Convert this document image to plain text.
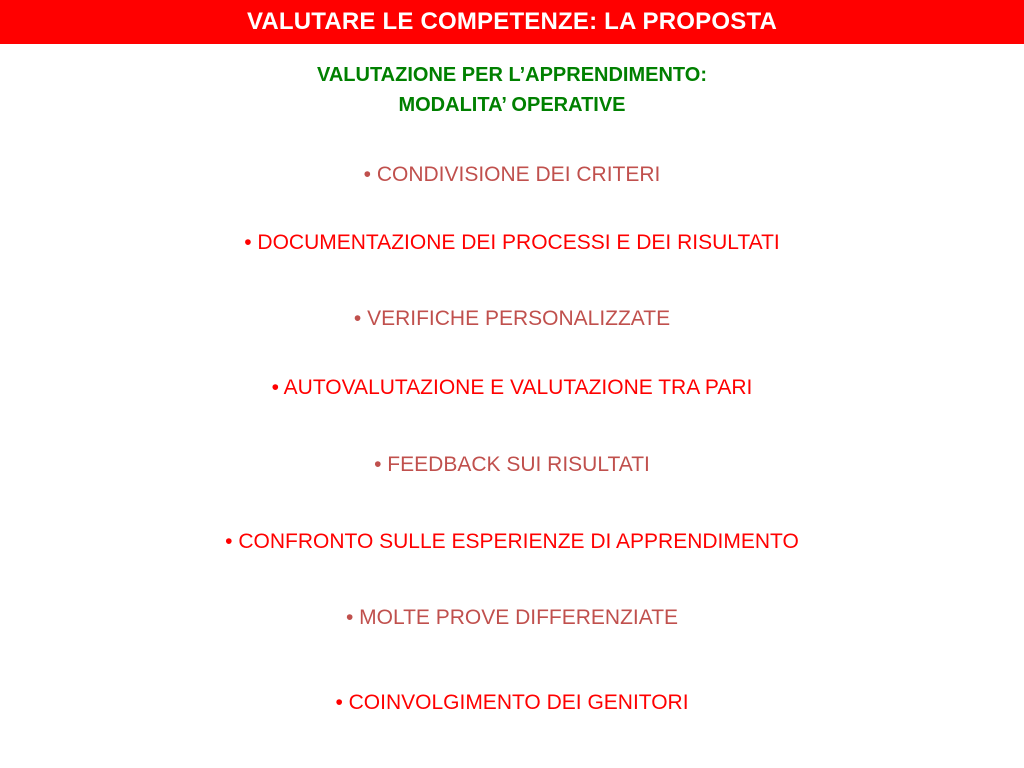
VALUTARE LE COMPETENZE: LA PROPOSTA
VALUTAZIONE PER L’APPRENDIMENTO:
MODALITA’ OPERATIVE
• CONDIVISIONE DEI CRITERI
• DOCUMENTAZIONE DEI PROCESSI E DEI RISULTATI
• VERIFICHE PERSONALIZZATE
• AUTOVALUTAZIONE E VALUTAZIONE TRA PARI
• FEEDBACK SUI RISULTATI
• CONFRONTO SULLE ESPERIENZE DI APPRENDIMENTO
• MOLTE PROVE DIFFERENZIATE
• COINVOLGIMENTO DEI GENITORI
